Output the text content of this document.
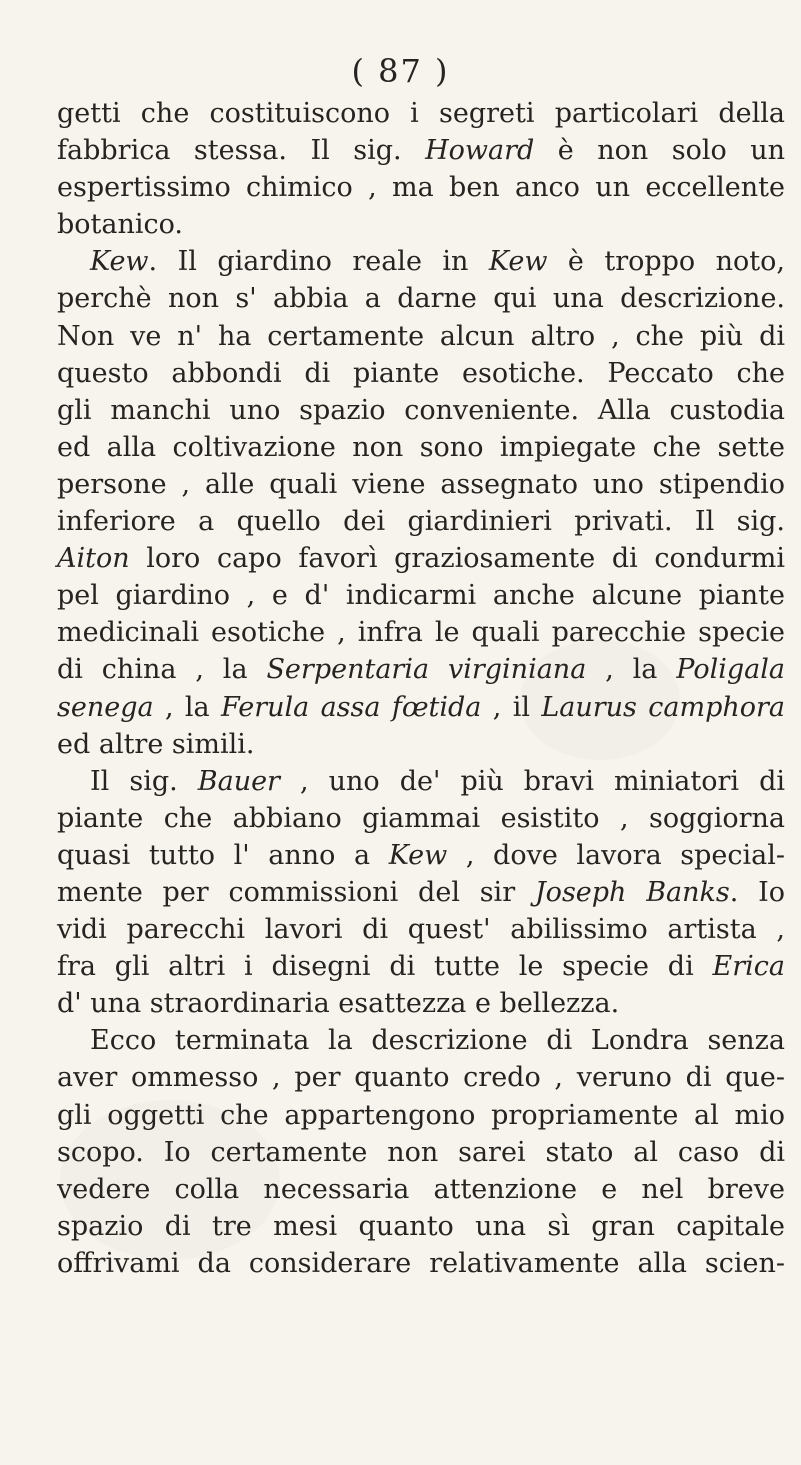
( 87 )
getti che costituiscono i segreti particolari della
fabbrica stessa. Il sig. Howard è non solo un
espertissimo chimico , ma ben anco un eccellente
botanico.
Kew. Il giardino reale in Kew è troppo noto,
perchè non s' abbia a darne qui una descrizione.
Non ve n' ha certamente alcun altro , che più di
questo abbondi di piante esotiche. Peccato che
gli manchi uno spazio conveniente. Alla custodia
ed alla coltivazione non sono impiegate che sette
persone , alle quali viene assegnato uno stipendio
inferiore a quello dei giardinieri privati. Il sig.
Aiton loro capo favorì graziosamente di condurmi
pel giardino , e d' indicarmi anche alcune piante
medicinali esotiche , infra le quali parecchie specie
di china , la Serpentaria virginiana , la Poligala
senega , la Ferula assa fœtida , il Laurus camphora
ed altre simili.
Il sig. Bauer , uno de' più bravi miniatori di
piante che abbiano giammai esistito , soggiorna
quasi tutto l' anno a Kew , dove lavora special-
mente per commissioni del sir Joseph Banks. Io
vidi parecchi lavori di quest' abilissimo artista ,
fra gli altri i disegni di tutte le specie di Erica
d' una straordinaria esattezza e bellezza.
Ecco terminata la descrizione di Londra senza
aver ommesso , per quanto credo , veruno di que-
gli oggetti che appartengono propriamente al mio
scopo. Io certamente non sarei stato al caso di
vedere colla necessaria attenzione e nel breve
spazio di tre mesi quanto una sì gran capitale
offrivami da considerare relativamente alla scien-
